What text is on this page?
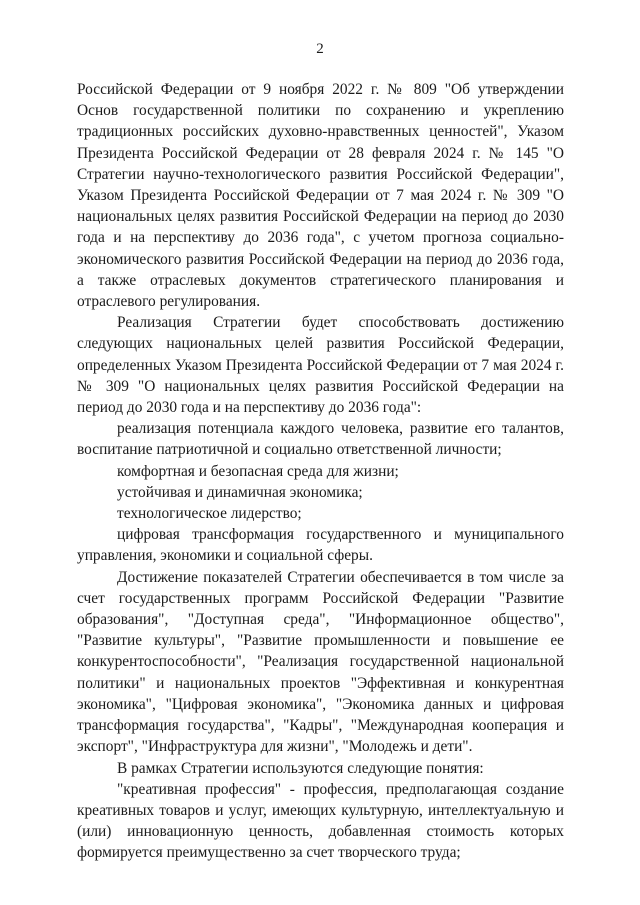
2

Российской Федерации от 9 ноября 2022 г. № 809 "Об утверждении Основ государственной политики по сохранению и укреплению традиционных российских духовно-нравственных ценностей", Указом Президента Российской Федерации от 28 февраля 2024 г. № 145 "О Стратегии научно-технологического развития Российской Федерации", Указом Президента Российской Федерации от 7 мая 2024 г. № 309 "О национальных целях развития Российской Федерации на период до 2030 года и на перспективу до 2036 года", с учетом прогноза социально-экономического развития Российской Федерации на период до 2036 года, а также отраслевых документов стратегического планирования и отраслевого регулирования.

Реализация Стратегии будет способствовать достижению следующих национальных целей развития Российской Федерации, определенных Указом Президента Российской Федерации от 7 мая 2024 г. № 309 "О национальных целях развития Российской Федерации на период до 2030 года и на перспективу до 2036 года":

реализация потенциала каждого человека, развитие его талантов, воспитание патриотичной и социально ответственной личности;

комфортная и безопасная среда для жизни;

устойчивая и динамичная экономика;

технологическое лидерство;

цифровая трансформация государственного и муниципального управления, экономики и социальной сферы.

Достижение показателей Стратегии обеспечивается в том числе за счет государственных программ Российской Федерации "Развитие образования", "Доступная среда", "Информационное общество", "Развитие культуры", "Развитие промышленности и повышение ее конкурентоспособности", "Реализация государственной национальной политики" и национальных проектов "Эффективная и конкурентная экономика", "Цифровая экономика", "Экономика данных и цифровая трансформация государства", "Кадры", "Международная кооперация и экспорт", "Инфраструктура для жизни", "Молодежь и дети".

В рамках Стратегии используются следующие понятия:

"креативная профессия" - профессия, предполагающая создание креативных товаров и услуг, имеющих культурную, интеллектуальную и (или) инновационную ценность, добавленная стоимость которых формируется преимущественно за счет творческого труда;
